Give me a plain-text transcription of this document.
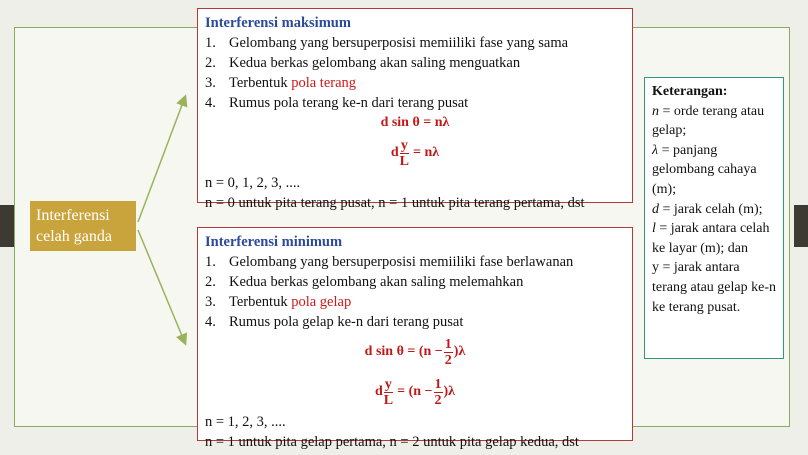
Interferensi celah ganda
Interferensi maksimum
1. Gelombang yang bersuperposisi memiiliki fase yang sama
2. Kedua berkas gelombang akan saling menguatkan
3. Terbentuk pola terang
4. Rumus pola terang ke-n dari terang pusat
d sin θ = nλ
d $\frac{y}{L} = n\lambda$
n = 0, 1, 2, 3, ....
n = 0 untuk pita terang pusat, n = 1 untuk pita terang pertama, dst
Interferensi minimum
1. Gelombang yang bersuperposisi memiiliki fase berlawanan
2. Kedua berkas gelombang akan saling melemahkan
3. Terbentuk pola gelap
4. Rumus pola gelap ke-n dari terang pusat
d $\sin \theta = (n - \frac{1}{2} )\lambda$
d $\frac{y}{L} = (n - \frac{1}{2} )\lambda$
n = 1, 2, 3, ....
n = 1 untuk pita gelap pertama, n = 2 untuk pita gelap kedua, dst
Keterangan:
n = orde terang atau gelap;
λ = panjang gelombang cahaya (m);
d = jarak celah (m);
l = jarak antara celah ke layar (m); dan
y = jarak antara terang atau gelap ke-n ke terang pusat.
